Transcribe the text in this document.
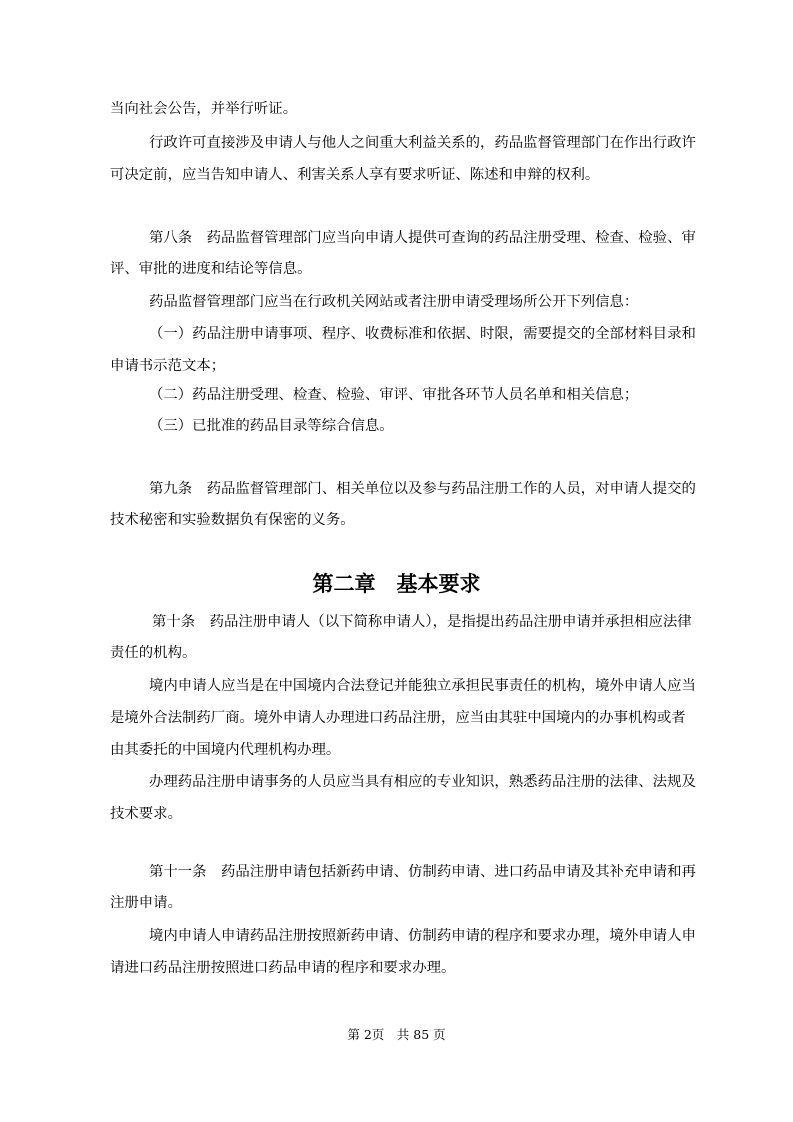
当向社会公告，并举行听证。
行政许可直接涉及申请人与他人之间重大利益关系的，药品监督管理部门在作出行政许
可决定前，应当告知申请人、利害关系人享有要求听证、陈述和申辩的权利。
第八条　药品监督管理部门应当向申请人提供可查询的药品注册受理、检查、检验、审
评、审批的进度和结论等信息。
药品监督管理部门应当在行政机关网站或者注册申请受理场所公开下列信息：
（一）药品注册申请事项、程序、收费标准和依据、时限，需要提交的全部材料目录和
申请书示范文本；
（二）药品注册受理、检查、检验、审评、审批各环节人员名单和相关信息；
（三）已批准的药品目录等综合信息。
第九条　药品监督管理部门、相关单位以及参与药品注册工作的人员，对申请人提交的
技术秘密和实验数据负有保密的义务。
第二章　基本要求
第十条　药品注册申请人（以下简称申请人），是指提出药品注册申请并承担相应法律
责任的机构。
境内申请人应当是在中国境内合法登记并能独立承担民事责任的机构，境外申请人应当
是境外合法制药厂商。境外申请人办理进口药品注册，应当由其驻中国境内的办事机构或者
由其委托的中国境内代理机构办理。
办理药品注册申请事务的人员应当具有相应的专业知识，熟悉药品注册的法律、法规及
技术要求。
第十一条　药品注册申请包括新药申请、仿制药申请、进口药品申请及其补充申请和再
注册申请。
境内申请人申请药品注册按照新药申请、仿制药申请的程序和要求办理，境外申请人申
请进口药品注册按照进口药品申请的程序和要求办理。
第 2页　共 85 页
